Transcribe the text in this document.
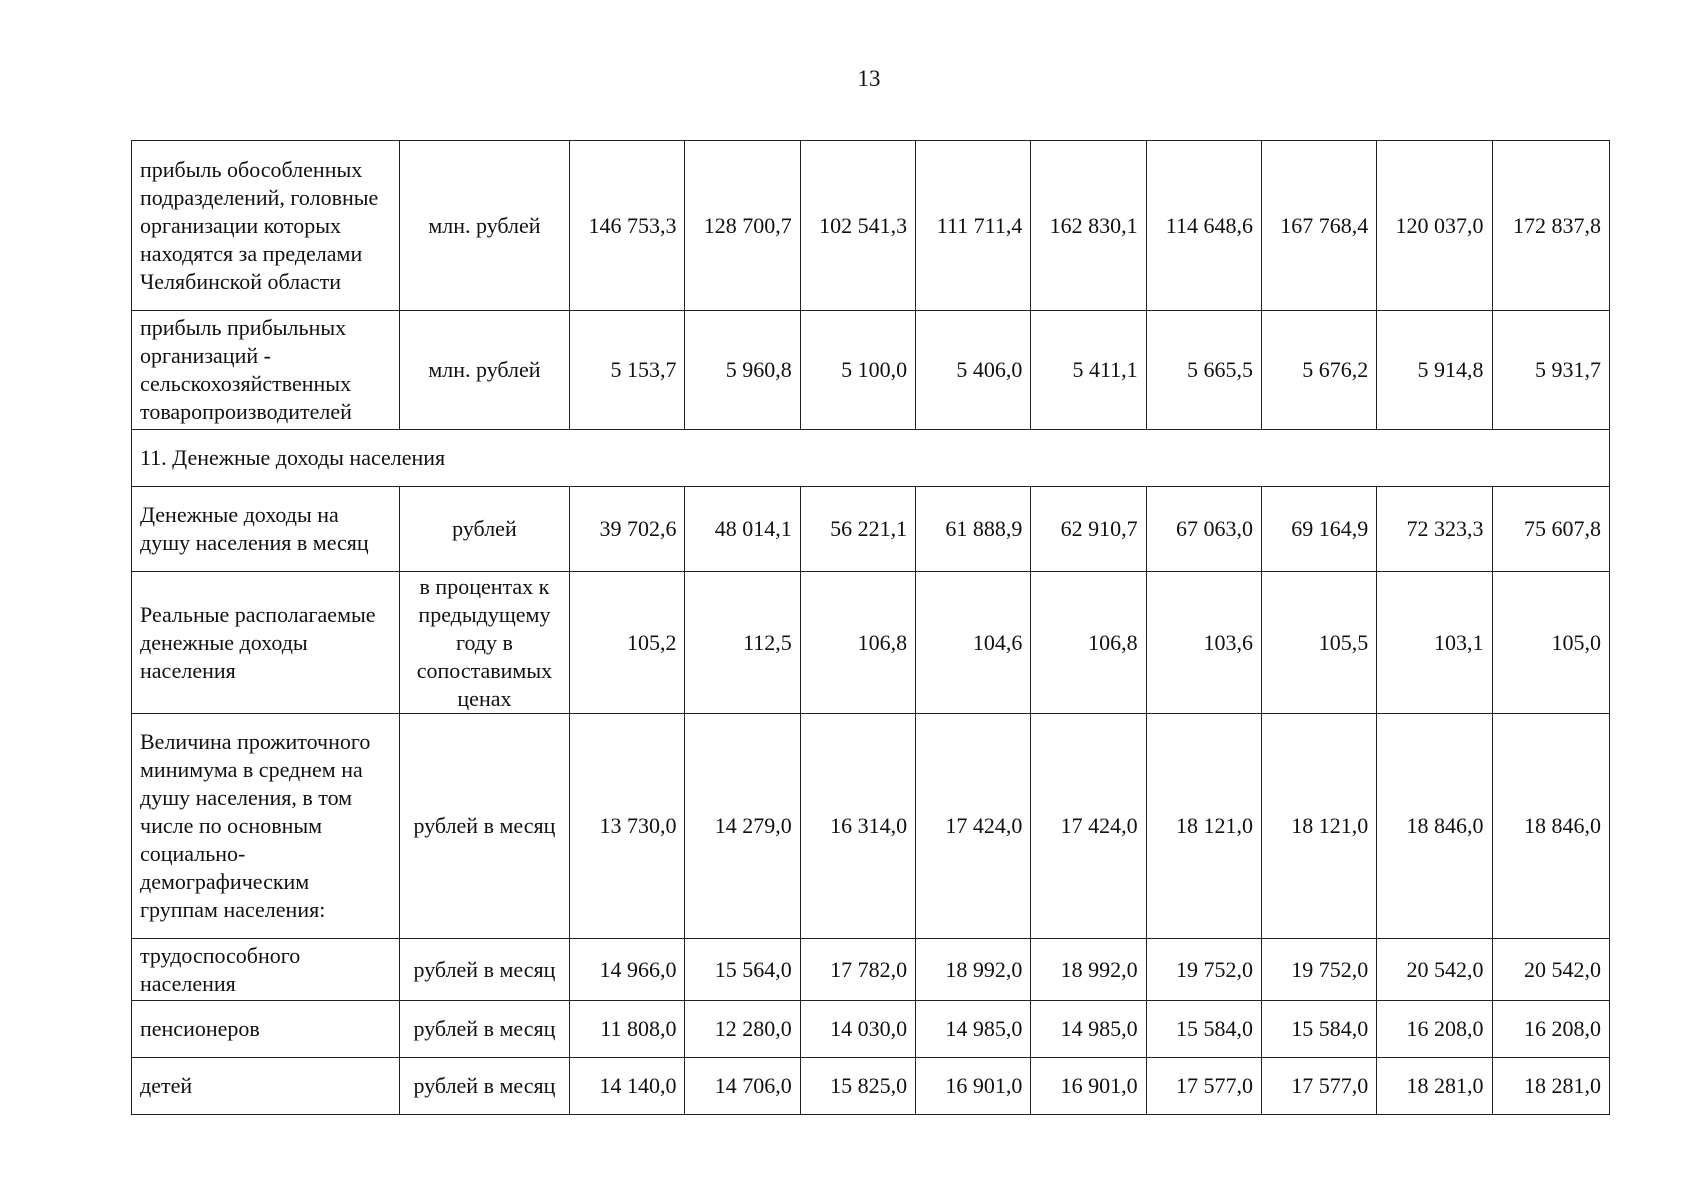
13
прибыль обособленных подразделений, головные организации которых находятся за пределами Челябинской области	млн. рублей	146 753,3	128 700,7	102 541,3	111 711,4	162 830,1	114 648,6	167 768,4	120 037,0	172 837,8
прибыль прибыльных организаций - сельскохозяйственных товаропроизводителей	млн. рублей	5 153,7	5 960,8	5 100,0	5 406,0	5 411,1	5 665,5	5 676,2	5 914,8	5 931,7
11. Денежные доходы населения										
Денежные доходы на душу населения в месяц	рублей	39 702,6	48 014,1	56 221,1	61 888,9	62 910,7	67 063,0	69 164,9	72 323,3	75 607,8
Реальные располагаемые денежные доходы населения	в процентах к предыдущему году в сопоставимых ценах	105,2	112,5	106,8	104,6	106,8	103,6	105,5	103,1	105,0
Величина прожиточного минимума в среднем на душу населения, в том числе по основным социально-демографическим группам населения:	рублей в месяц	13 730,0	14 279,0	16 314,0	17 424,0	17 424,0	18 121,0	18 121,0	18 846,0	18 846,0
трудоспособного населения	рублей в месяц	14 966,0	15 564,0	17 782,0	18 992,0	18 992,0	19 752,0	19 752,0	20 542,0	20 542,0
пенсионеров	рублей в месяц	11 808,0	12 280,0	14 030,0	14 985,0	14 985,0	15 584,0	15 584,0	16 208,0	16 208,0
детей	рублей в месяц	14 140,0	14 706,0	15 825,0	16 901,0	16 901,0	17 577,0	17 577,0	18 281,0	18 281,0
